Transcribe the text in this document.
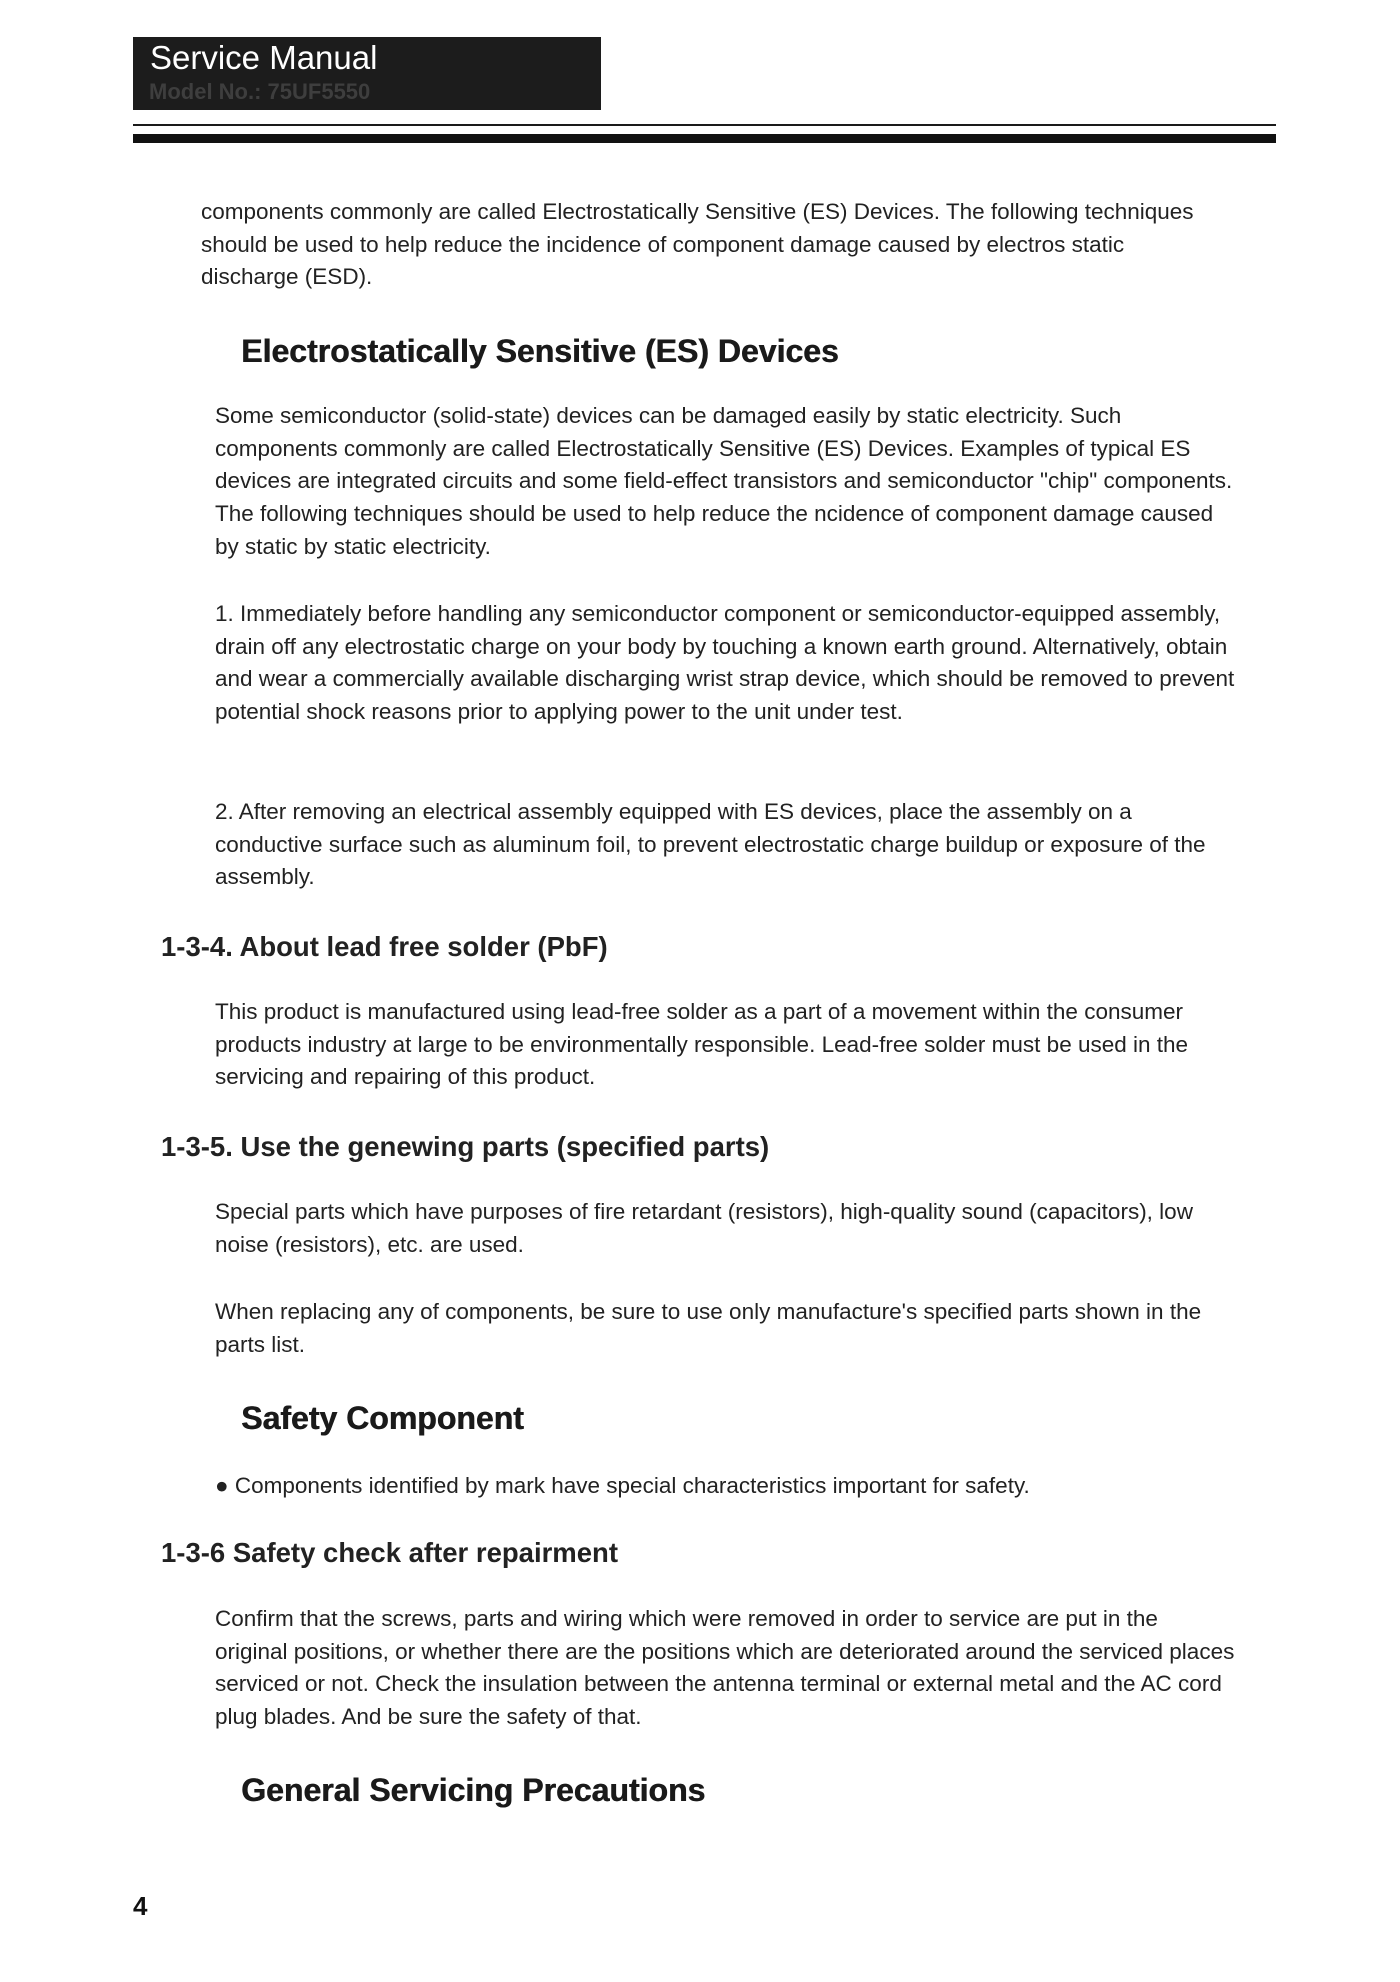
Service Manual
Model No.: 75UF5550

components commonly are called Electrostatically Sensitive (ES) Devices. The following techniques should be used to help reduce the incidence of component damage caused by electros static discharge (ESD).

Electrostatically Sensitive (ES) Devices

Some semiconductor (solid-state) devices can be damaged easily by static electricity. Such components commonly are called Electrostatically Sensitive (ES) Devices. Examples of typical ES devices are integrated circuits and some field-effect transistors and semiconductor "chip" components. The following techniques should be used to help reduce the ncidence of component damage caused by static by static electricity.

1. Immediately before handling any semiconductor component or semiconductor-equipped assembly, drain off any electrostatic charge on your body by touching a known earth ground. Alternatively, obtain and wear a commercially available discharging wrist strap device, which should be removed to prevent potential shock reasons prior to applying power to the unit under test.

2. After removing an electrical assembly equipped with ES devices, place the assembly on a conductive surface such as aluminum foil, to prevent electrostatic charge buildup or exposure of the assembly.

1-3-4. About lead free solder (PbF)

This product is manufactured using lead-free solder as a part of a movement within the consumer products industry at large to be environmentally responsible. Lead-free solder must be used in the servicing and repairing of this product.

1-3-5. Use the genewing parts (specified parts)

Special parts which have purposes of fire retardant (resistors), high-quality sound (capacitors), low noise (resistors), etc. are used.

When replacing any of components, be sure to use only manufacture's specified parts shown in the parts list.

Safety Component

● Components identified by mark have special characteristics important for safety.

1-3-6 Safety check after repairment

Confirm that the screws, parts and wiring which were removed in order to service are put in the original positions, or whether there are the positions which are deteriorated around the serviced places serviced or not. Check the insulation between the antenna terminal or external metal and the AC cord plug blades. And be sure the safety of that.

General Servicing Precautions
4
